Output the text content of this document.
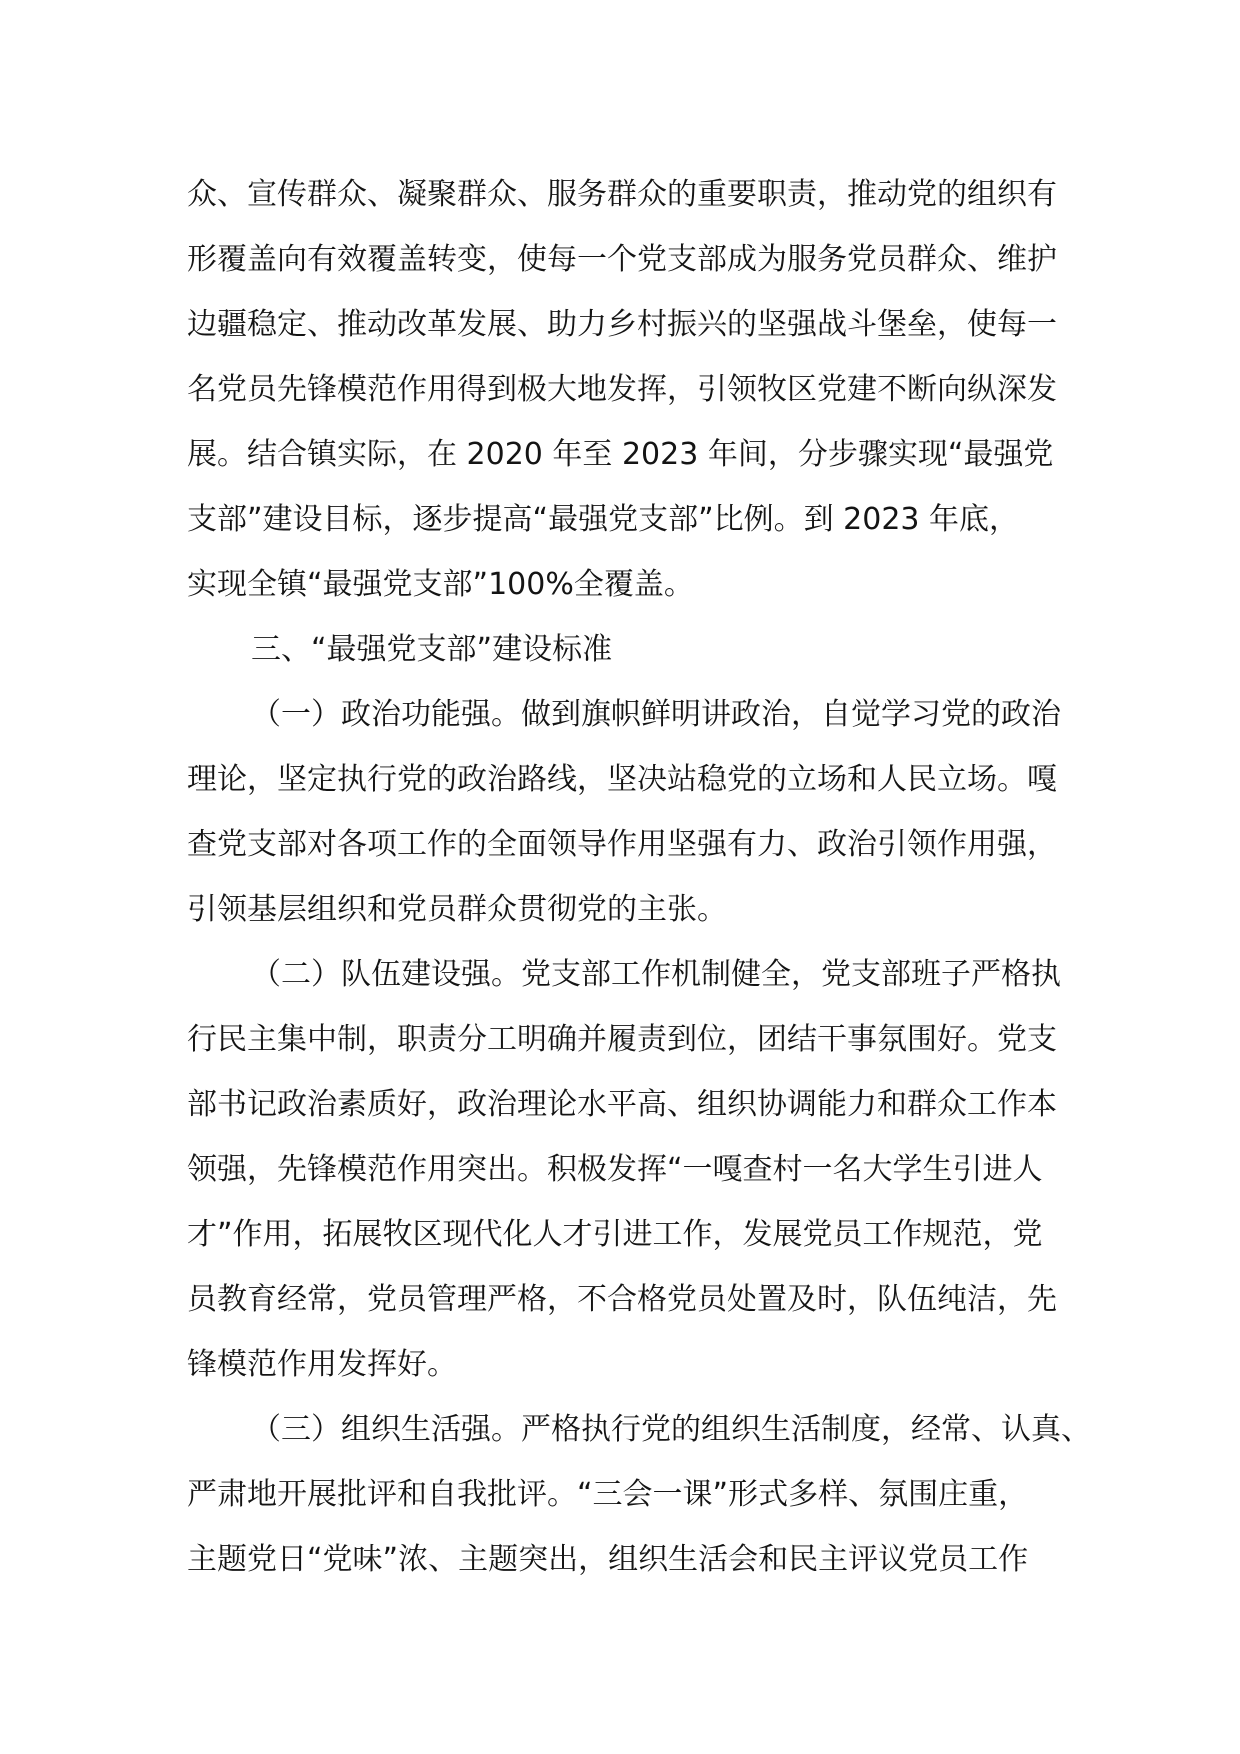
众、宣传群众、凝聚群众、服务群众的重要职责，推动党的组织有
形覆盖向有效覆盖转变，使每一个党支部成为服务党员群众、维护
边疆稳定、推动改革发展、助力乡村振兴的坚强战斗堡垒，使每一
名党员先锋模范作用得到极大地发挥，引领牧区党建不断向纵深发
展。结合镇实际，在 2020 年至 2023 年间，分步骤实现“最强党
支部”建设目标，逐步提高“最强党支部”比例。到 2023 年底，
实现全镇“最强党支部”100%全覆盖。
三、“最强党支部”建设标准
（一）政治功能强。做到旗帜鲜明讲政治，自觉学习党的政治
理论，坚定执行党的政治路线，坚决站稳党的立场和人民立场。嘎
查党支部对各项工作的全面领导作用坚强有力、政治引领作用强，
引领基层组织和党员群众贯彻党的主张。
（二）队伍建设强。党支部工作机制健全，党支部班子严格执
行民主集中制，职责分工明确并履责到位，团结干事氛围好。党支
部书记政治素质好，政治理论水平高、组织协调能力和群众工作本
领强，先锋模范作用突出。积极发挥“一嘎查村一名大学生引进人
才”作用，拓展牧区现代化人才引进工作，发展党员工作规范，党
员教育经常，党员管理严格，不合格党员处置及时，队伍纯洁，先
锋模范作用发挥好。
（三）组织生活强。严格执行党的组织生活制度，经常、认真、
严肃地开展批评和自我批评。“三会一课”形式多样、氛围庄重，
主题党日“党味”浓、主题突出，组织生活会和民主评议党员工作
